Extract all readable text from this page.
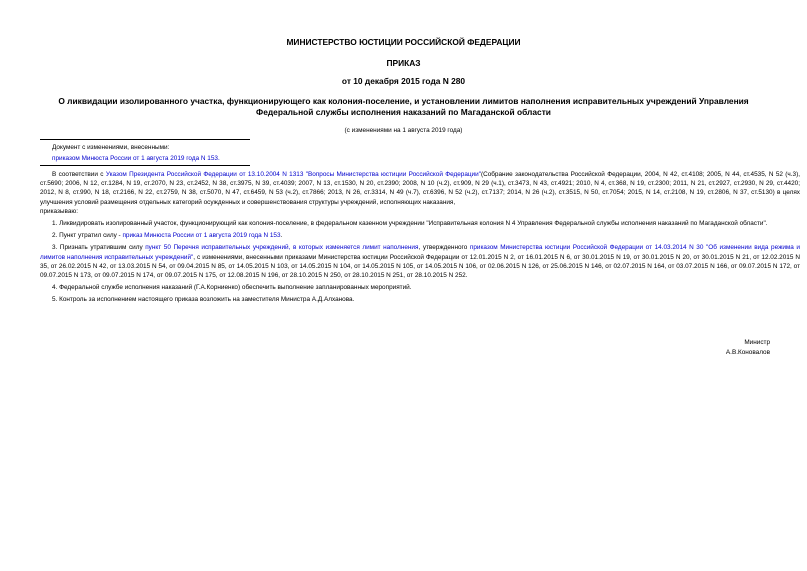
МИНИСТЕРСТВО ЮСТИЦИИ РОССИЙСКОЙ ФЕДЕРАЦИИ
ПРИКАЗ
от 10 декабря 2015 года N 280
О ликвидации изолированного участка, функционирующего как колония-поселение, и установлении лимитов наполнения исправительных учреждений Управления Федеральной службы исполнения наказаний по Магаданской области
(с изменениями на 1 августа 2019 года)
Документ с изменениями, внесенными:
приказом Минюста России от 1 августа 2019 года N 153.

В соответствии с Указом Президента Российской Федерации от 13.10.2004 N 1313 "Вопросы Министерства юстиции Российской Федерации"(Собрание законодательства Российской Федерации, 2004, N 42, ст.4108; 2005, N 44, ст.4535, N 52 (ч.3), ст.5690; 2006, N 12, ст.1284, N 19, ст.2070, N 23, ст.2452, N 38, ст.3975, N 39, ст.4039; 2007, N 13, ст.1530, N 20, ст.2390; 2008, N 10 (ч.2), ст.909, N 29 (ч.1), ст.3473, N 43, ст.4921; 2010, N 4, ст.368, N 19, ст.2300; 2011, N 21, ст.2927, ст.2930, N 29, ст.4420; 2012, N 8, ст.990, N 18, ст.2166, N 22, ст.2759, N 38, ст.5070, N 47, ст.6459, N 53 (ч.2), ст.7866; 2013, N 26, ст.3314, N 49 (ч.7), ст.6396, N 52 (ч.2), ст.7137; 2014, N 26 (ч.2), ст.3515, N 50, ст.7054; 2015, N 14, ст.2108, N 19, ст.2806, N 37, ст.5130) в целях улучшения условий размещения отдельных категорий осужденных и совершенствования структуры учреждений, исполняющих наказания,

приказываю:

1. Ликвидировать изолированный участок, функционирующий как колония-поселение, в федеральном казенном учреждении "Исправительная колония N 4 Управления Федеральной службы исполнения наказаний по Магаданской области".

2. Пункт утратил силу - приказ Минюста России от 1 августа 2019 года N 153.

3. Признать утратившим силу пункт 50 Перечня исправительных учреждений, в которых изменяется лимит наполнения, утвержденного приказом Министерства юстиции Российской Федерации от 14.03.2014 N 30 "Об изменении вида режима и лимитов наполнения исправительных учреждений", с изменениями, внесенными приказами Министерства юстиции Российской Федерации от 12.01.2015 N 2, от 16.01.2015 N 6, от 30.01.2015 N 19, от 30.01.2015 N 20, от 30.01.2015 N 21, от 12.02.2015 N 35, от 26.02.2015 N 42, от 13.03.2015 N 54, от 09.04.2015 N 85, от 14.05.2015 N 103, от 14.05.2015 N 104, от 14.05.2015 N 105, от 14.05.2015 N 106, от 02.06.2015 N 126, от 25.06.2015 N 146, от 02.07.2015 N 164, от 03.07.2015 N 166, от 09.07.2015 N 172, от 09.07.2015 N 173, от 09.07.2015 N 174, от 09.07.2015 N 175, от 12.08.2015 N 196, от 28.10.2015 N 250, от 28.10.2015 N 251, от 28.10.2015 N 252.

4. Федеральной службе исполнения наказаний (Г.А.Корниенко) обеспечить выполнение запланированных мероприятий.

5. Контроль за исполнением настоящего приказа возложить на заместителя Министра А.Д.Алханова.

Министр
А.В.Коновалов
